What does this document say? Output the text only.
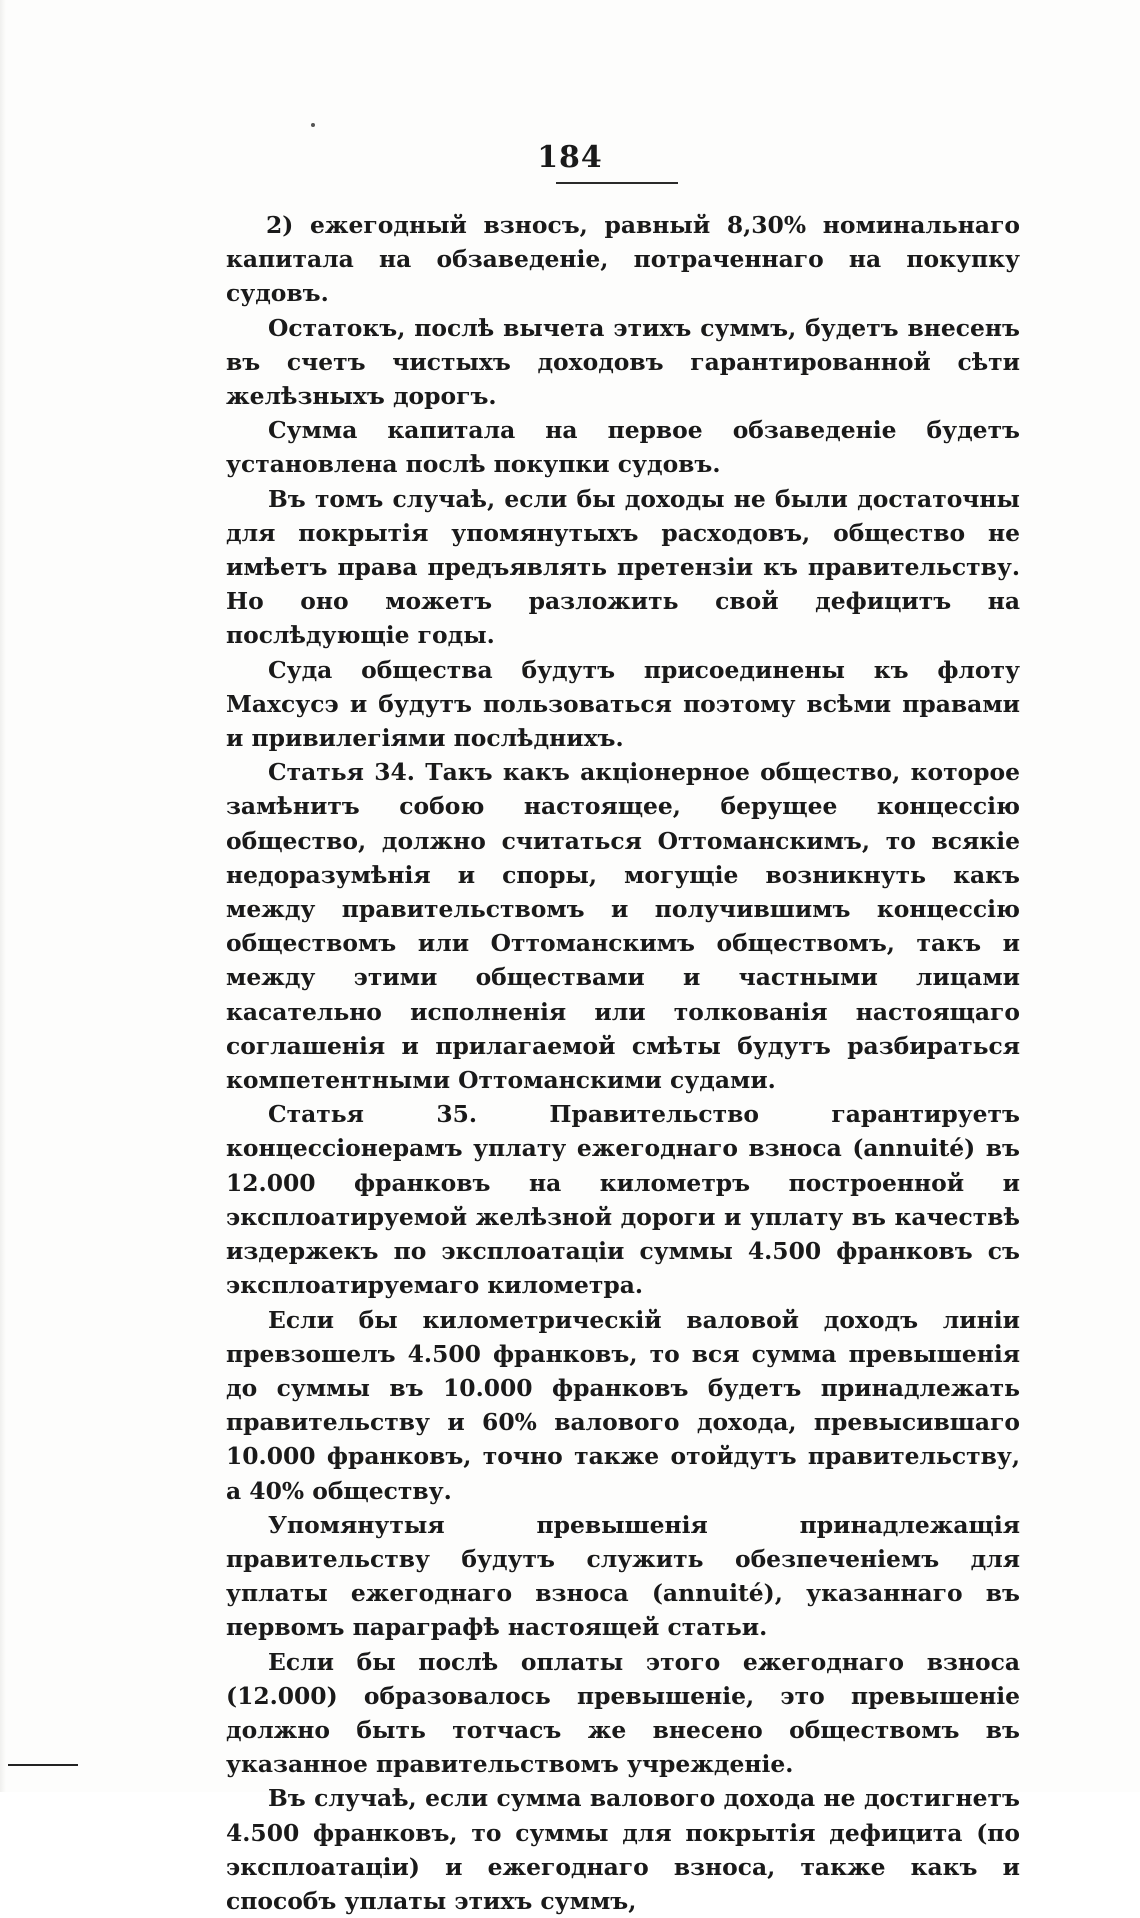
184

2) ежегодный взносъ, равный 8,30% номинальнаго капитала на обзаведеніе, потраченнаго на покупку судовъ.

Остатокъ, послѣ вычета этихъ суммъ, будетъ внесенъ въ счетъ чистыхъ доходовъ гарантированной сѣти желѣзныхъ дорогъ.

Сумма капитала на первое обзаведеніе будетъ установлена послѣ покупки судовъ.

Въ томъ случаѣ, если бы доходы не были достаточны для покрытія упомянутыхъ расходовъ, общество не имѣетъ права предъявлять претензіи къ правительству. Но оно можетъ разложить свой дефицитъ на послѣдующіе годы.

Суда общества будутъ присоединены къ флоту Махсусэ и будутъ пользоваться поэтому всѣми правами и привилегіями послѣднихъ.

Статья 34. Такъ какъ акціонерное общество, которое замѣнитъ собою настоящее, берущее концессію общество, должно считаться Оттоманскимъ, то всякіе недоразумѣнія и споры, могущіе возникнуть какъ между правительствомъ и получившимъ концессію обществомъ или Оттоманскимъ обществомъ, такъ и между этими обществами и частными лицами касательно исполненія или толкованія настоящаго соглашенія и прилагаемой смѣты будутъ разбираться компетентными Оттоманскими судами.

Статья 35. Правительство гарантируетъ концессіонерамъ уплату ежегоднаго взноса (annuité) въ 12.000 франковъ на километръ построенной и эксплоатируемой желѣзной дороги и уплату въ качествѣ издержекъ по эксплоатаціи суммы 4.500 франковъ съ эксплоатируемаго километра.

Если бы километрическій валовой доходъ линіи превзошелъ 4.500 франковъ, то вся сумма превышенія до суммы въ 10.000 франковъ будетъ принадлежать правительству и 60% валового дохода, превысившаго 10.000 франковъ, точно также отойдутъ правительству, а 40% обществу.

Упомянутыя превышенія принадлежащія правительству будутъ служить обезпеченіемъ для уплаты ежегоднаго взноса (annuité), указаннаго въ первомъ параграфѣ настоящей статьи.

Если бы послѣ оплаты этого ежегоднаго взноса (12.000) образовалось превышеніе, это превышеніе должно быть тотчасъ же внесено обществомъ въ указанное правительствомъ учрежденіе.

Въ случаѣ, если сумма валового дохода не достигнетъ 4.500 франковъ, то суммы для покрытія дефицита (по эксплоатаціи) и ежегоднаго взноса, также какъ и способъ уплаты этихъ суммъ,
